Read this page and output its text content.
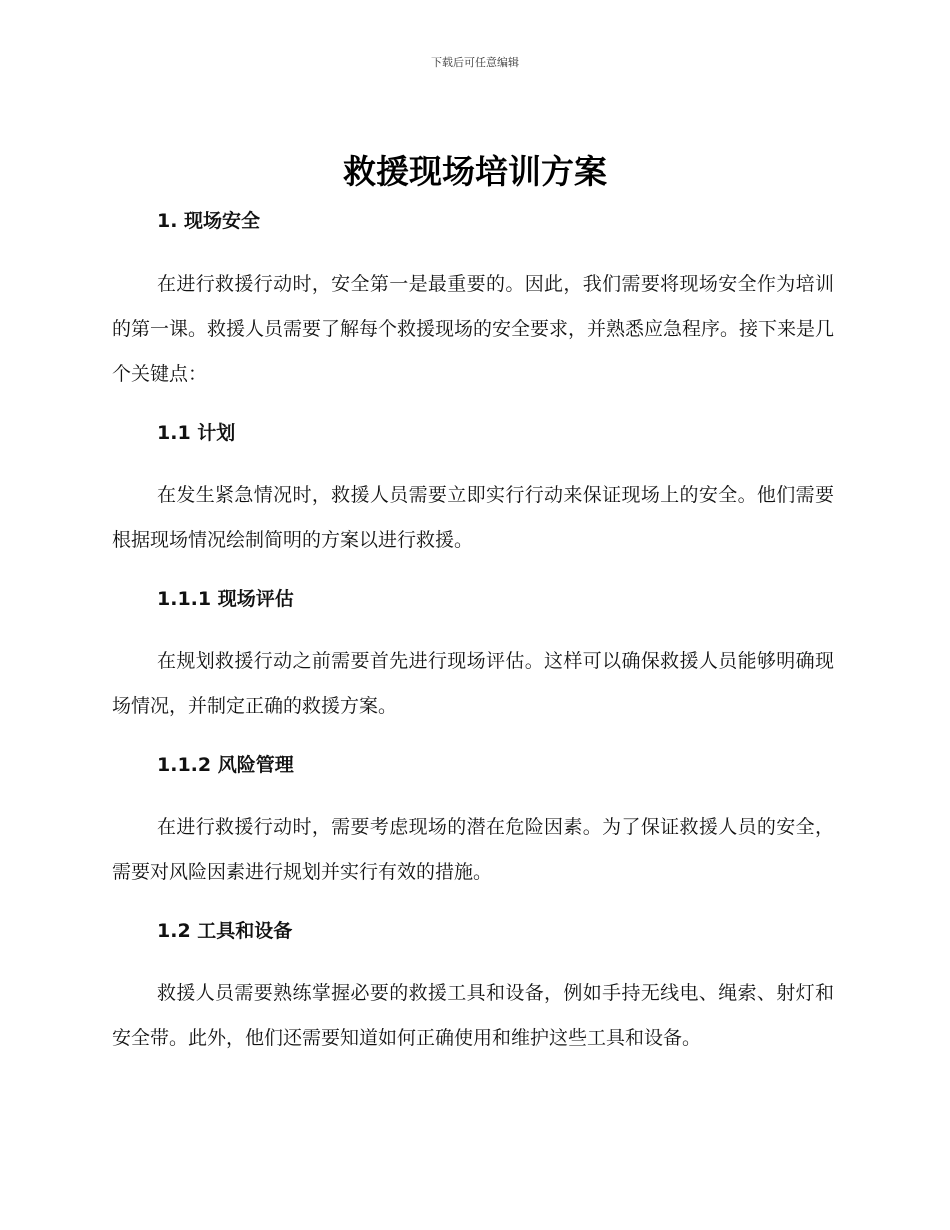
下载后可任意编辑
救援现场培训方案
1. 现场安全

在进行救援行动时，安全第一是最重要的。因此，我们需要将现场安全作为培训的第一课。救援人员需要了解每个救援现场的安全要求，并熟悉应急程序。接下来是几个关键点：

1.1 计划

在发生紧急情况时，救援人员需要立即实行行动来保证现场上的安全。他们需要根据现场情况绘制简明的方案以进行救援。

1.1.1 现场评估

在规划救援行动之前需要首先进行现场评估。这样可以确保救援人员能够明确现场情况，并制定正确的救援方案。

1.1.2 风险管理

在进行救援行动时，需要考虑现场的潜在危险因素。为了保证救援人员的安全，需要对风险因素进行规划并实行有效的措施。

1.2 工具和设备

救援人员需要熟练掌握必要的救援工具和设备，例如手持无线电、绳索、射灯和安全带。此外，他们还需要知道如何正确使用和维护这些工具和设备。
